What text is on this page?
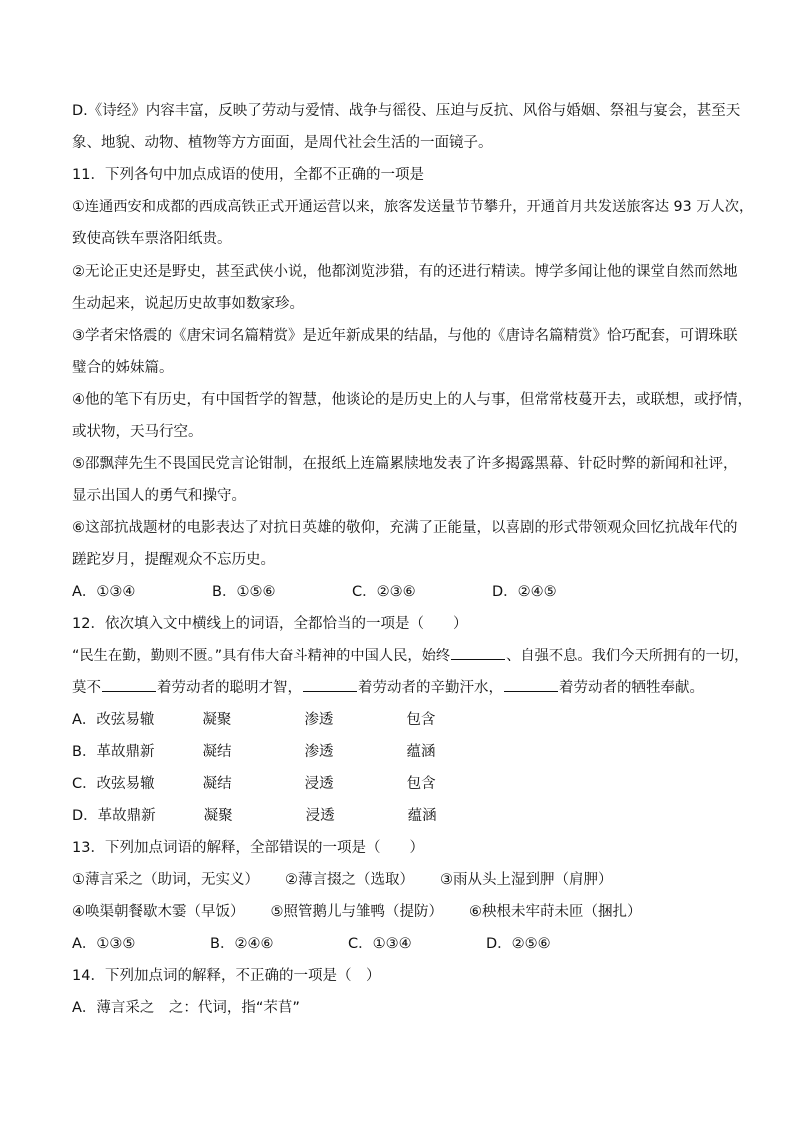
D.《诗经》内容丰富，反映了劳动与爱情、战争与徭役、压迫与反抗、风俗与婚姻、祭祖与宴会，甚至天
象、地貌、动物、植物等方方面面，是周代社会生活的一面镜子。
11．下列各句中加点成语的使用，全都不正确的一项是
①连通西安和成都的西成高铁正式开通运营以来，旅客发送量节节攀升，开通首月共发送旅客达 93 万人次，
致使高铁车票洛阳纸贵。
②无论正史还是野史，甚至武侠小说，他都浏览涉猎，有的还进行精读。博学多闻让他的课堂自然而然地
生动起来，说起历史故事如数家珍。
③学者宋恪震的《唐宋词名篇精赏》是近年新成果的结晶，与他的《唐诗名篇精赏》恰巧配套，可谓珠联
璧合的姊妹篇。
④他的笔下有历史，有中国哲学的智慧，他谈论的是历史上的人与事，但常常枝蔓开去，或联想，或抒情，
或状物，天马行空。
⑤邵飘萍先生不畏国民党言论钳制，在报纸上连篇累牍地发表了许多揭露黑幕、针砭时弊的新闻和社评，
显示出国人的勇气和操守。
⑥这部抗战题材的电影表达了对抗日英雄的敬仰，充满了正能量，以喜剧的形式带领观众回忆抗战年代的
蹉跎岁月，提醒观众不忘历史。
A．①③④	B．①⑤⑥	C．②③⑥	D．②④⑤
12．依次填入文中横线上的词语，全都恰当的一项是（　　）
“民生在勤，勤则不匮。”具有伟大奋斗精神的中国人民，始终	、自强不息。我们今天所拥有的一切，
莫不	着劳动者的聪明才智，	着劳动者的辛勤汗水，	着劳动者的牺牲奉献。
A．改弦易辙	凝聚	渗透	包含
B．革故鼎新	凝结	渗透	蕴涵
C．改弦易辙	凝结	浸透	包含
D．革故鼎新	凝聚	浸透	蕴涵
13．下列加点词语的解释，全部错误的一项是（　　）
①薄言采之（助词，无实义） ②薄言掇之（选取） ③雨从头上湿到胛（肩胛）
④唤渠朝餐歇木霎（早饭） ⑤照管鹅儿与雏鸭（提防） ⑥秧根未牢莳未匝（捆扎）
A．①③⑤	B．②④⑥	C．①③④	D．②⑤⑥
14．下列加点词的解释，不正确的一项是（　）
A．薄言采之　之：代词，指“芣苢”
